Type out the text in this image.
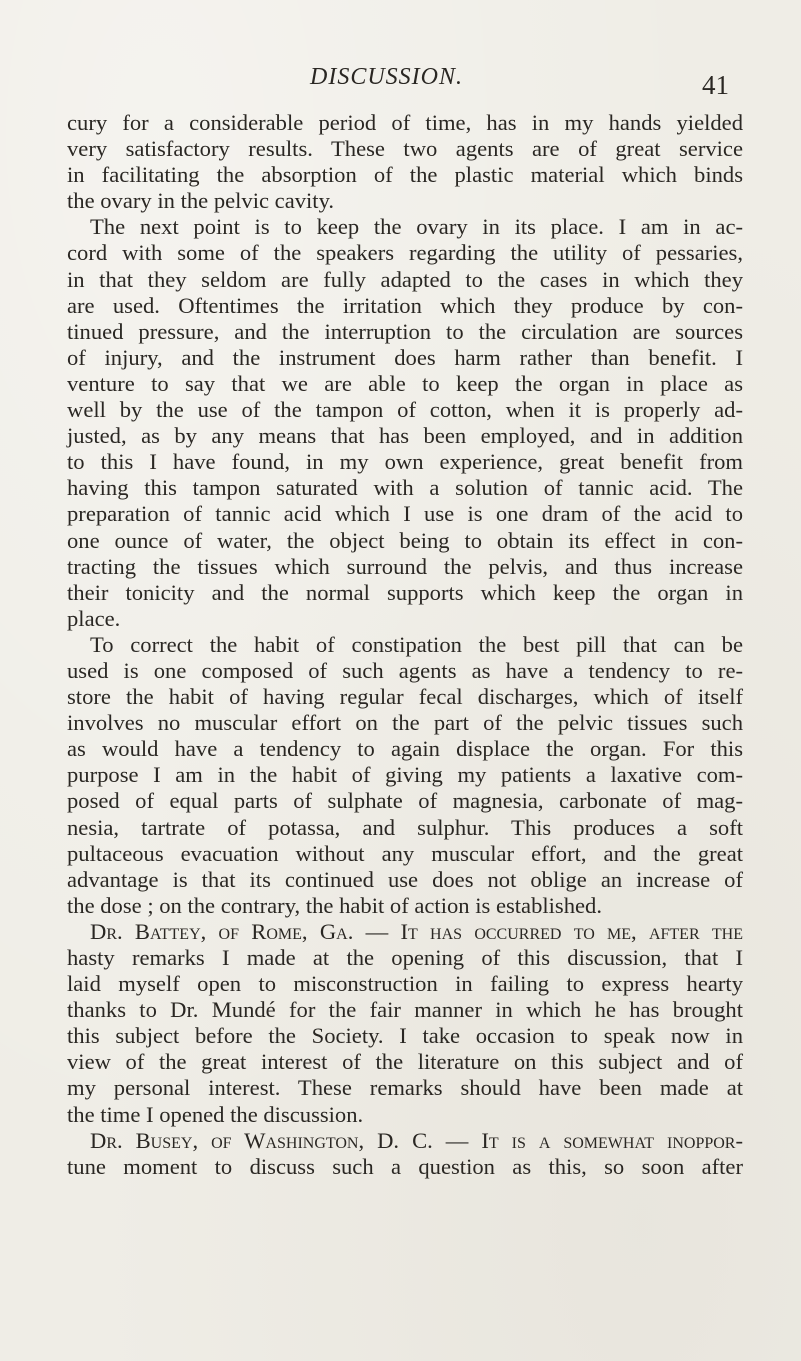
DISCUSSION.	41
cury for a considerable period of time, has in my hands yielded
very satisfactory results. These two agents are of great service
in facilitating the absorption of the plastic material which binds
the ovary in the pelvic cavity.
The next point is to keep the ovary in its place. I am in ac-
cord with some of the speakers regarding the utility of pessaries,
in that they seldom are fully adapted to the cases in which they
are used. Oftentimes the irritation which they produce by con-
tinued pressure, and the interruption to the circulation are sources
of injury, and the instrument does harm rather than benefit. I
venture to say that we are able to keep the organ in place as
well by the use of the tampon of cotton, when it is properly ad-
justed, as by any means that has been employed, and in addition
to this I have found, in my own experience, great benefit from
having this tampon saturated with a solution of tannic acid. The
preparation of tannic acid which I use is one dram of the acid to
one ounce of water, the object being to obtain its effect in con-
tracting the tissues which surround the pelvis, and thus increase
their tonicity and the normal supports which keep the organ in
place.
To correct the habit of constipation the best pill that can be
used is one composed of such agents as have a tendency to re-
store the habit of having regular fecal discharges, which of itself
involves no muscular effort on the part of the pelvic tissues such
as would have a tendency to again displace the organ. For this
purpose I am in the habit of giving my patients a laxative com-
posed of equal parts of sulphate of magnesia, carbonate of mag-
nesia, tartrate of potassa, and sulphur. This produces a soft
pultaceous evacuation without any muscular effort, and the great
advantage is that its continued use does not oblige an increase of
the dose ; on the contrary, the habit of action is established.
Dr. Battey, of Rome, Ga. — It has occurred to me, after the
hasty remarks I made at the opening of this discussion, that I
laid myself open to misconstruction in failing to express hearty
thanks to Dr. Mundé for the fair manner in which he has brought
this subject before the Society. I take occasion to speak now in
view of the great interest of the literature on this subject and of
my personal interest. These remarks should have been made at
the time I opened the discussion.
Dr. Busey, of Washington, D. C. — It is a somewhat inoppor-
tune moment to discuss such a question as this, so soon after
